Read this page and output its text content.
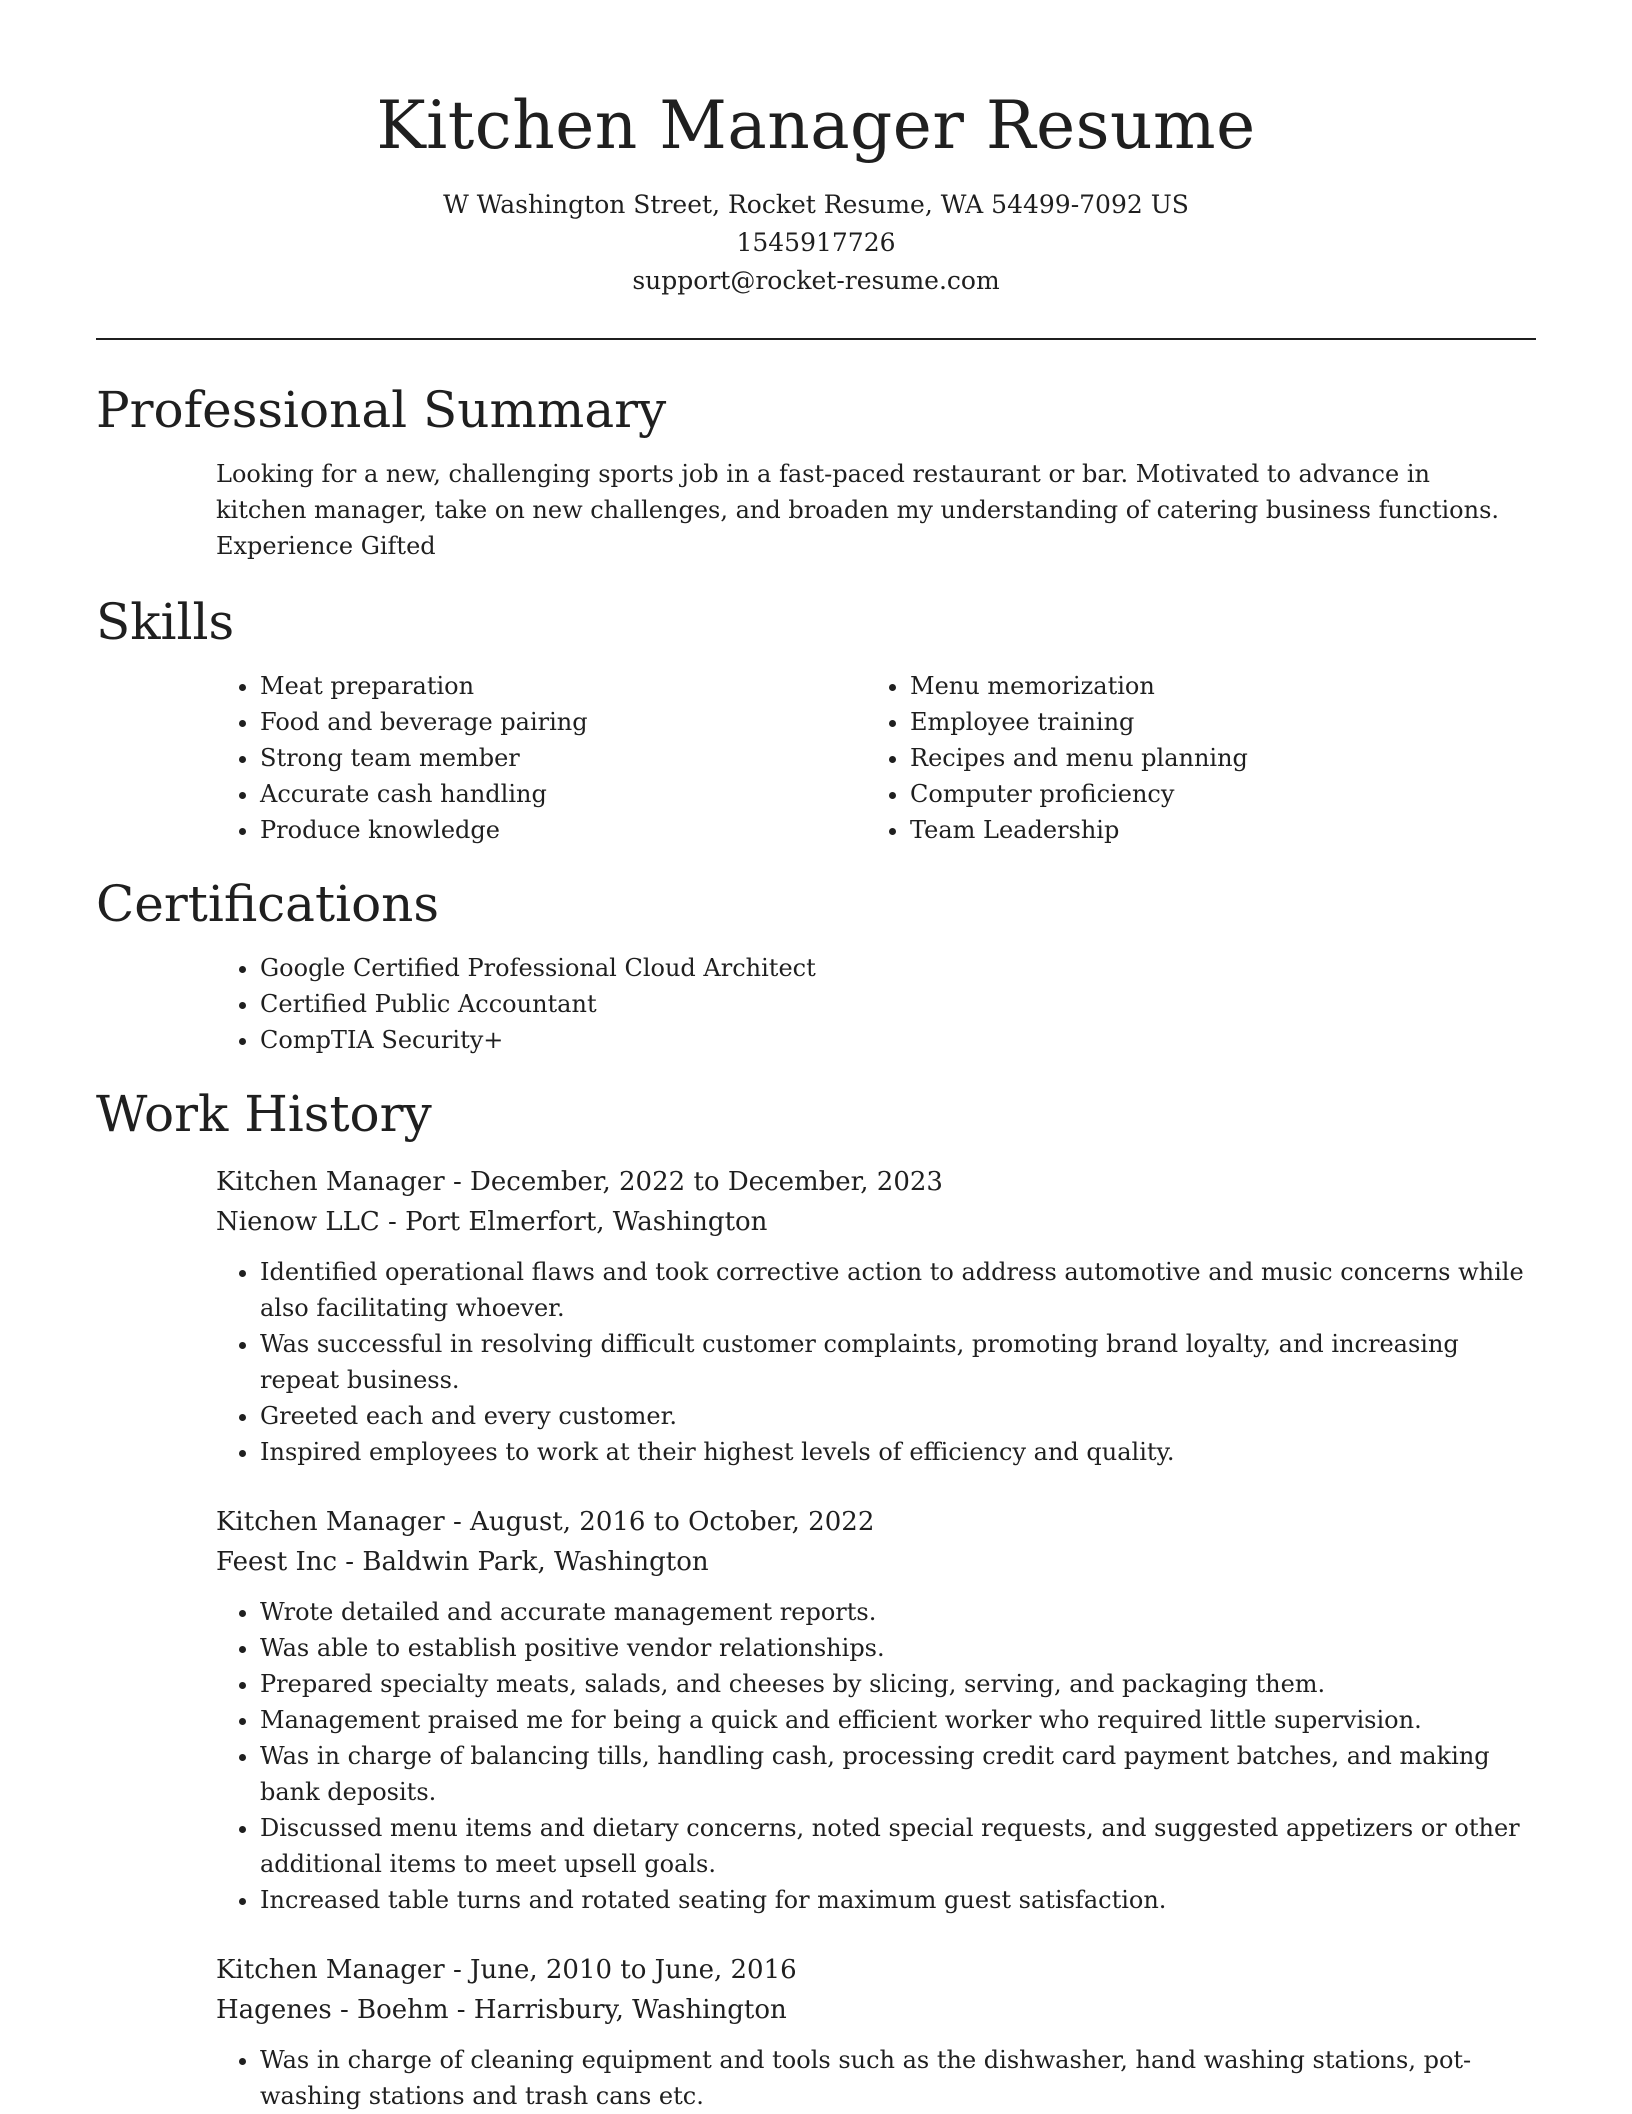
Kitchen Manager Resume

W Washington Street, Rocket Resume, WA 54499-7092 US

1545917726

support@rocket-resume.com

Professional Summary

Looking for a new, challenging sports job in a fast-paced restaurant or bar. Motivated to advance in kitchen manager, take on new challenges, and broaden my understanding of catering business functions. Experience Gifted

Skills
• Meat preparation
• Food and beverage pairing
• Strong team member
• Accurate cash handling
• Produce knowledge
• Menu memorization
• Employee training
• Recipes and menu planning
• Computer proficiency
• Team Leadership
Certifications
• Google Certified Professional Cloud Architect
• Certified Public Accountant
• CompTIA Security+
Work History

Kitchen Manager - December, 2022 to December, 2023

Nienow LLC - Port Elmerfort, Washington

• Identified operational flaws and took corrective action to address automotive and music concerns while also facilitating whoever.
• Was successful in resolving difficult customer complaints, promoting brand loyalty, and increasing repeat business.
• Greeted each and every customer.
• Inspired employees to work at their highest levels of efficiency and quality.

Kitchen Manager - August, 2016 to October, 2022

Feest Inc - Baldwin Park, Washington

• Wrote detailed and accurate management reports.
• Was able to establish positive vendor relationships.
• Prepared specialty meats, salads, and cheeses by slicing, serving, and packaging them.
• Management praised me for being a quick and efficient worker who required little supervision.
• Was in charge of balancing tills, handling cash, processing credit card payment batches, and making bank deposits.
• Discussed menu items and dietary concerns, noted special requests, and suggested appetizers or other additional items to meet upsell goals.
• Increased table turns and rotated seating for maximum guest satisfaction.

Kitchen Manager - June, 2010 to June, 2016

Hagenes - Boehm - Harrisbury, Washington

• Was in charge of cleaning equipment and tools such as the dishwasher, hand washing stations, pot-washing stations and trash cans etc.
